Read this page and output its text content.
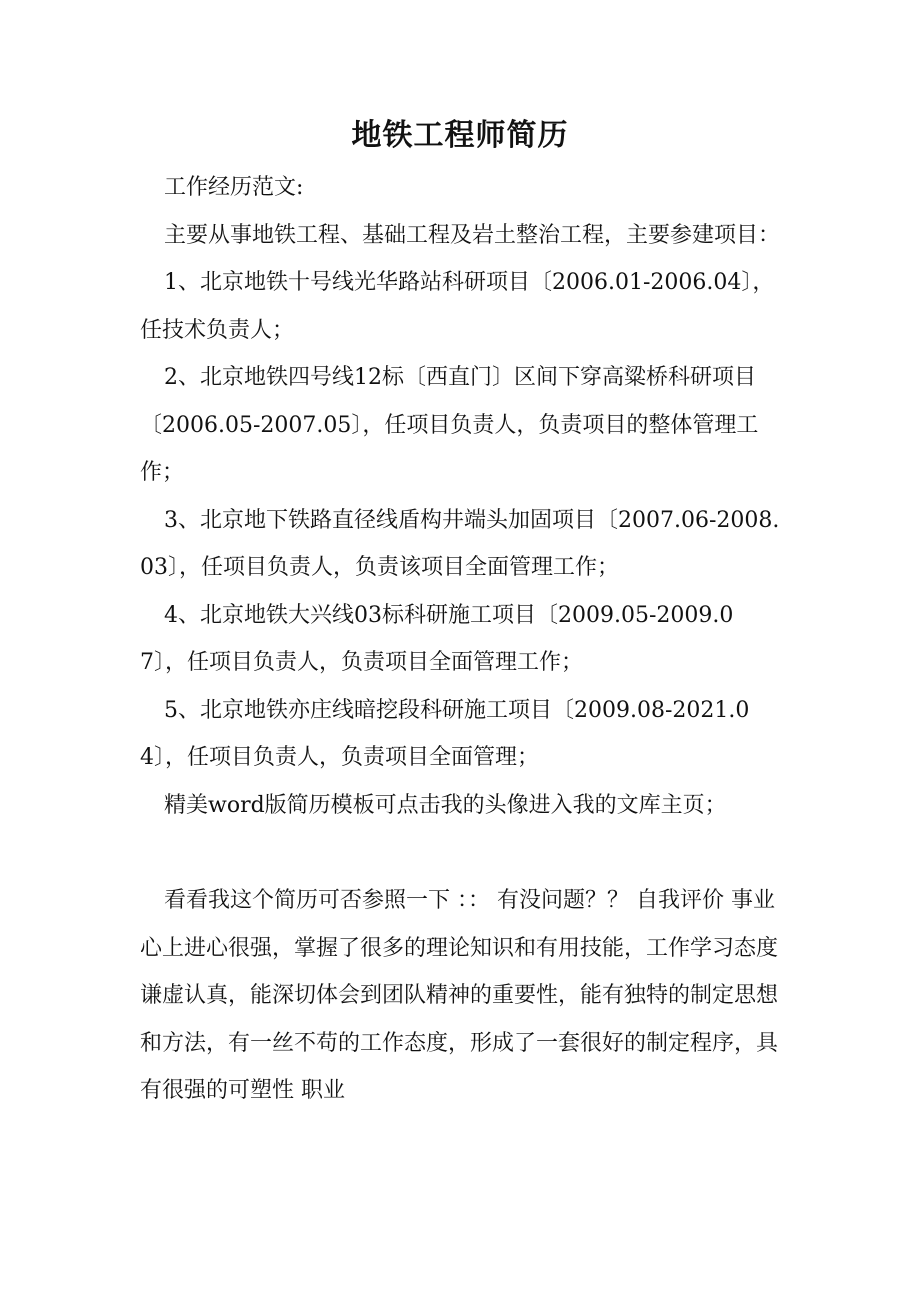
地铁工程师简历

工作经历范文:

主要从事地铁工程、基础工程及岩土整治工程，主要参建项目：

1、北京地铁十号线光华路站科研项目〔2006.01-2006.04〕，任技术负责人；

2、北京地铁四号线12标〔西直门〕区间下穿高粱桥科研项目〔2006.05-2007.05〕，任项目负责人，负责项目的整体管理工作；

3、北京地下铁路直径线盾构井端头加固项目〔2007.06-2008.03〕，任项目负责人，负责该项目全面管理工作；

4、北京地铁大兴线03标科研施工项目〔2009.05-2009.07〕，任项目负责人，负责项目全面管理工作；

5、北京地铁亦庄线暗挖段科研施工项目〔2009.08-2021.04〕，任项目负责人，负责项目全面管理；

精美word版简历模板可点击我的头像进入我的文库主页；

看看我这个简历可否参照一下 ：： 有没问题？？ 自我评价 事业心上进心很强，掌握了很多的理论知识和有用技能，工作学习态度谦虚认真，能深切体会到团队精神的重要性，能有独特的制定思想和方法，有一丝不苟的工作态度，形成了一套很好的制定程序，具有很强的可塑性 职业
